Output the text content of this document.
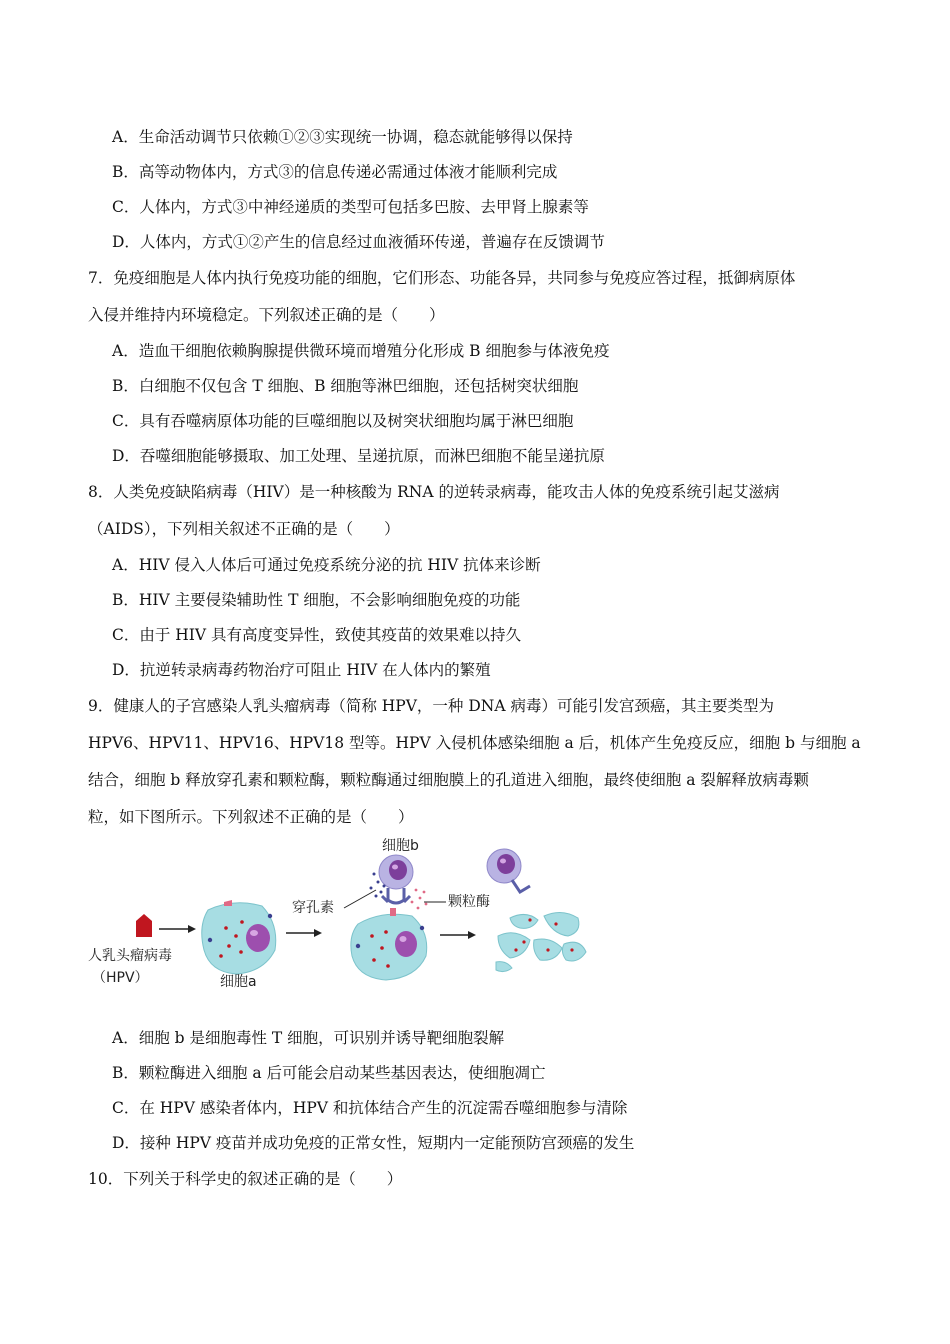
A．生命活动调节只依赖①②③实现统一协调，稳态就能够得以保持
B．高等动物体内，方式③的信息传递必需通过体液才能顺利完成
C．人体内，方式③中神经递质的类型可包括多巴胺、去甲肾上腺素等
D．人体内，方式①②产生的信息经过血液循环传递，普遍存在反馈调节
7．免疫细胞是人体内执行免疫功能的细胞，它们形态、功能各异，共同参与免疫应答过程，抵御病原体
入侵并维持内环境稳定。下列叙述正确的是（　　）
A．造血干细胞依赖胸腺提供微环境而增殖分化形成 B 细胞参与体液免疫
B．白细胞不仅包含 T 细胞、B 细胞等淋巴细胞，还包括树突状细胞
C．具有吞噬病原体功能的巨噬细胞以及树突状细胞均属于淋巴细胞
D．吞噬细胞能够摄取、加工处理、呈递抗原，而淋巴细胞不能呈递抗原
8．人类免疫缺陷病毒（HIV）是一种核酸为 RNA 的逆转录病毒，能攻击人体的免疫系统引起艾滋病
（AIDS），下列相关叙述不正确的是（　　）
A．HIV 侵入人体后可通过免疫系统分泌的抗 HIV 抗体来诊断
B．HIV 主要侵染辅助性 T 细胞，不会影响细胞免疫的功能
C．由于 HIV 具有高度变异性，致使其疫苗的效果难以持久
D．抗逆转录病毒药物治疗可阻止 HIV 在人体内的繁殖
9．健康人的子宫感染人乳头瘤病毒（简称 HPV，一种 DNA 病毒）可能引发宫颈癌，其主要类型为
HPV6、HPV11、HPV16、HPV18 型等。HPV 入侵机体感染细胞 a 后，机体产生免疫反应，细胞 b 与细胞 a
结合，细胞 b 释放穿孔素和颗粒酶，颗粒酶通过细胞膜上的孔道进入细胞，最终使细胞 a 裂解释放病毒颗
粒，如下图所示。下列叙述不正确的是（　　）
人乳头瘤病毒
（HPV）	细胞a
细胞b
穿孔素	颗粒酶
A．细胞 b 是细胞毒性 T 细胞，可识别并诱导靶细胞裂解
B．颗粒酶进入细胞 a 后可能会启动某些基因表达，使细胞凋亡
C．在 HPV 感染者体内，HPV 和抗体结合产生的沉淀需吞噬细胞参与清除
D．接种 HPV 疫苗并成功免疫的正常女性，短期内一定能预防宫颈癌的发生
10．下列关于科学史的叙述正确的是（　　）
